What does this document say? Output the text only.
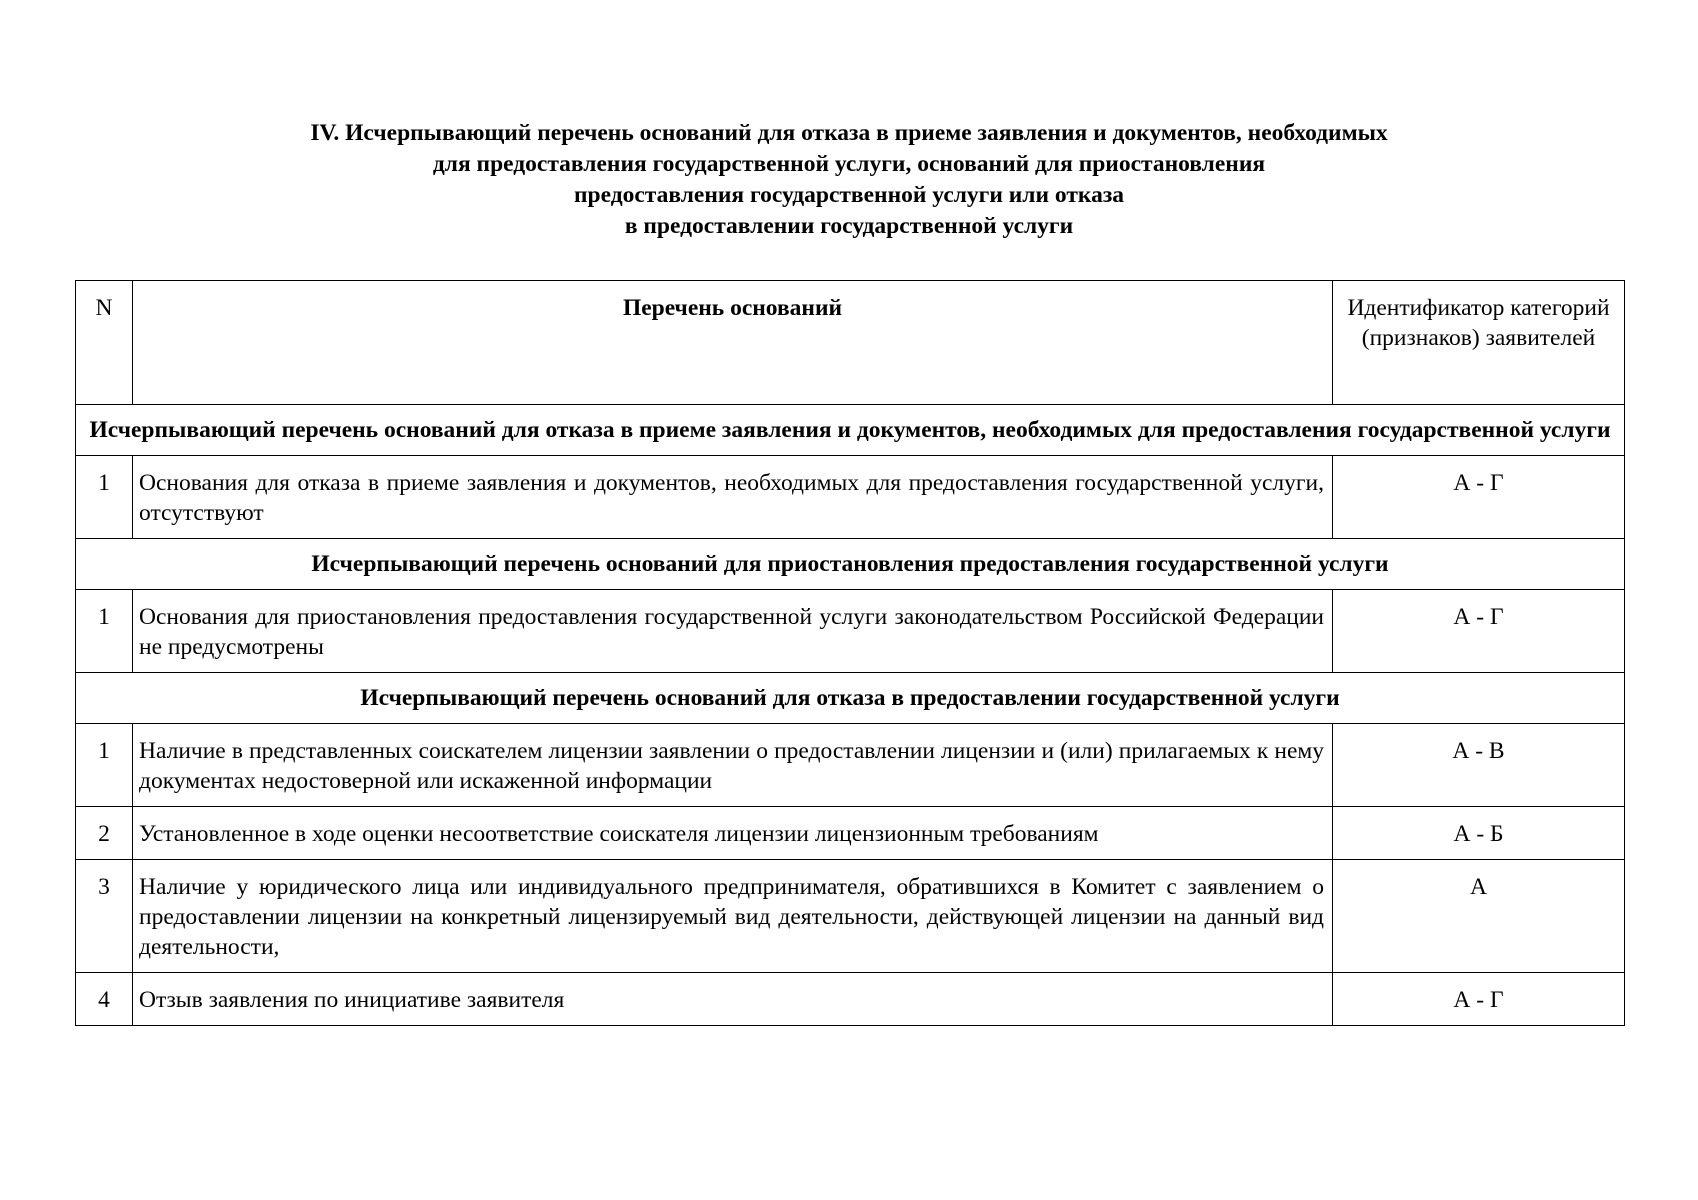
IV. Исчерпывающий перечень оснований для отказа в приеме заявления и документов, необходимых
для предоставления государственной услуги, оснований для приостановления
предоставления государственной услуги или отказа
в предоставлении государственной услуги
N	Перечень оснований	Идентификатор категорий (признаков) заявителей
Исчерпывающий перечень оснований для отказа в приеме заявления и документов, необходимых для предоставления государственной услуги		
1	Основания для отказа в приеме заявления и документов, необходимых для предоставления государственной услуги, отсутствуют	А - Г
Исчерпывающий перечень оснований для приостановления предоставления государственной услуги		
1	Основания для приостановления предоставления государственной услуги законодательством Российской Федерации не предусмотрены	А - Г
Исчерпывающий перечень оснований для отказа в предоставлении государственной услуги		
1	Наличие в представленных соискателем лицензии заявлении о предоставлении лицензии и (или) прилагаемых к нему документах недостоверной или искаженной информации	А - В
2	Установленное в ходе оценки несоответствие соискателя лицензии лицензионным требованиям	А - Б
3	Наличие у юридического лица или индивидуального предпринимателя, обратившихся в Комитет с заявлением о предоставлении лицензии на конкретный лицензируемый вид деятельности, действующей лицензии на данный вид деятельности,	А
4	Отзыв заявления по инициативе заявителя	А - Г
